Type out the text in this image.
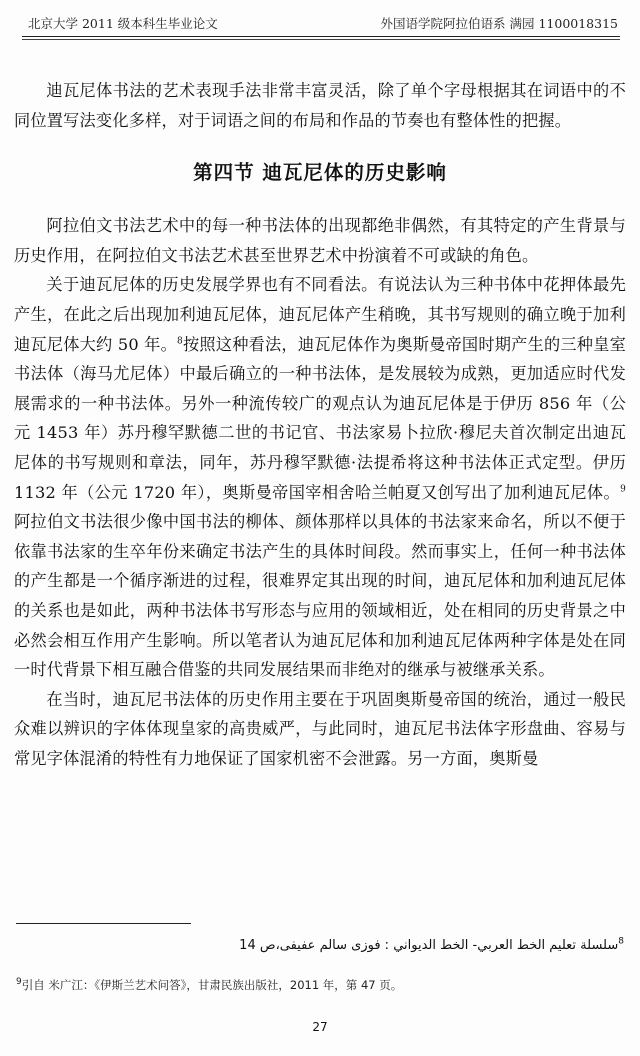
北京大学 2011 级本科生毕业论文	外国语学院阿拉伯语系 满园 1100018315

迪瓦尼体书法的艺术表现手法非常丰富灵活，除了单个字母根据其在词语中的不同位置写法变化多样，对于词语之间的布局和作品的节奏也有整体性的把握。

第四节 迪瓦尼体的历史影响

阿拉伯文书法艺术中的每一种书法体的出现都绝非偶然，有其特定的产生背景与历史作用，在阿拉伯文书法艺术甚至世界艺术中扮演着不可或缺的角色。

关于迪瓦尼体的历史发展学界也有不同看法。有说法认为三种书体中花押体最先产生，在此之后出现加利迪瓦尼体，迪瓦尼体产生稍晚，其书写规则的确立晚于加利迪瓦尼体大约 50 年。$^8$按照这种看法，迪瓦尼体作为奥斯曼帝国时期产生的三种皇室书法体（海马尤尼体）中最后确立的一种书法体，是发展较为成熟，更加适应时代发展需求的一种书法体。另外一种流传较广的观点认为迪瓦尼体是于伊历 856 年（公元 1453 年）苏丹穆罕默德二世的书记官、书法家易卜拉欣·穆尼夫首次制定出迪瓦尼体的书写规则和章法，同年，苏丹穆罕默德·法提希将这种书法体正式定型。伊历 1132 年（公元 1720 年），奥斯曼帝国宰相舍哈兰帕夏又创写出了加利迪瓦尼体。$^9$阿拉伯文书法很少像中国书法的柳体、颜体那样以具体的书法家来命名，所以不便于依靠书法家的生卒年份来确定书法产生的具体时间段。然而事实上，任何一种书法体的产生都是一个循序渐进的过程，很难界定其出现的时间，迪瓦尼体和加利迪瓦尼体的关系也是如此，两种书法体书写形态与应用的领域相近，处在相同的历史背景之中必然会相互作用产生影响。所以笔者认为迪瓦尼体和加利迪瓦尼体两种字体是处在同一时代背景下相互融合借鉴的共同发展结果而非绝对的继承与被继承关系。

在当时，迪瓦尼书法体的历史作用主要在于巩固奥斯曼帝国的统治，通过一般民众难以辨识的字体体现皇家的高贵威严，与此同时，迪瓦尼书法体字形盘曲、容易与常见字体混淆的特性有力地保证了国家机密不会泄露。另一方面，奥斯曼

$^8$سلسلة تعليم الخط العربي- الخط الديواني : فوزى سالم عفيفى،ص 14

$^9$引自 米广江：《伊斯兰艺术问答》，甘肃民族出版社，2011 年，第 47 页。

27
